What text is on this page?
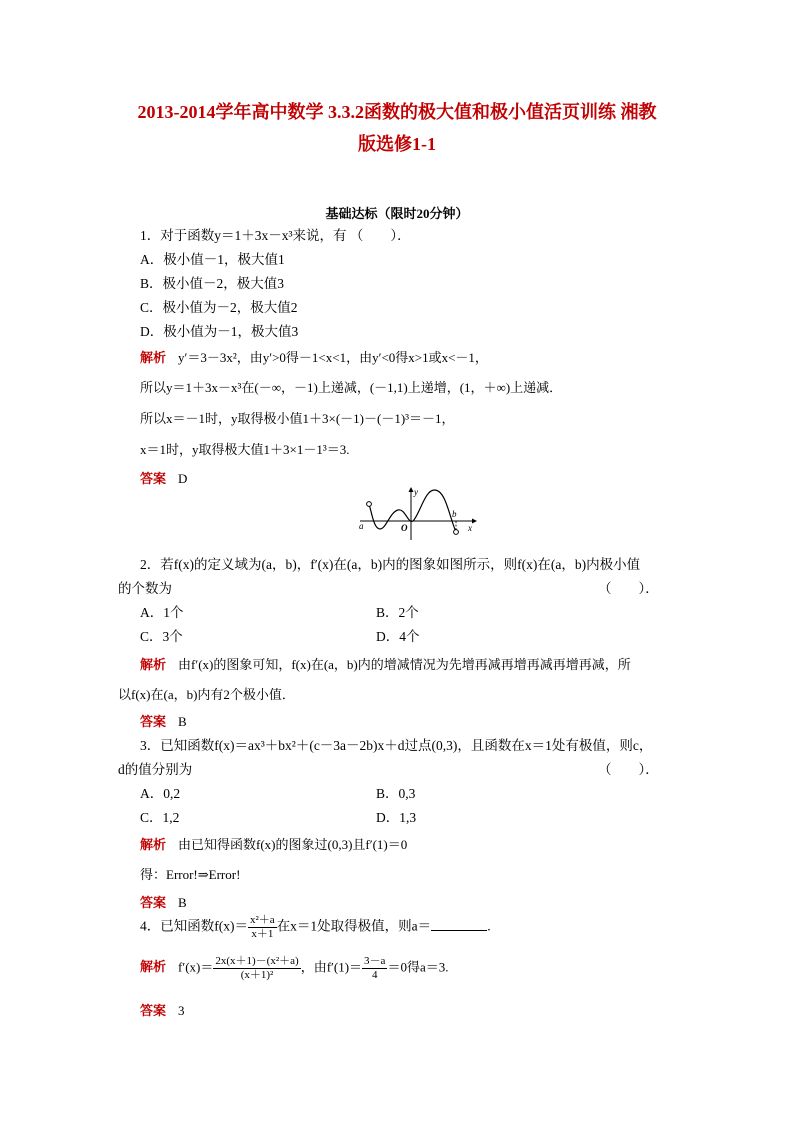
2013-2014学年高中数学 3.3.2函数的极大值和极小值活页训练 湘教
版选修1-1
基础达标（限时20分钟）
1．对于函数y＝1＋3x－x³来说，有 （　　）．
A．极小值－1，极大值1
B．极小值－2，极大值3
C．极小值为－2，极大值2
D．极小值为－1，极大值3
解析 y′＝3－3x²，由y′>0得－1<x<1，由y′<0得x>1或x<－1，
所以y＝1＋3x－x³在(－∞，－1)上递减，(－1,1)上递增，(1，＋∞)上递减．
所以x＝－1时，y取得极小值1＋3×(－1)－(－1)³＝－1，
x＝1时，y取得极大值1＋3×1－1³＝3.
答案 D
a
b
O	x
y
2．若f(x)的定义域为(a，b)，f′(x)在(a，b)内的图象如图所示，则f(x)在(a，b)内极小值
的个数为	（　　）．
A．1个	B．2个
C．3个	D．4个
解析 由f′(x)的图象可知，f(x)在(a，b)内的增减情况为先增再减再增再减再增再减，所
以f(x)在(a，b)内有2个极小值．
答案 B
3．已知函数f(x)＝ax³＋bx²＋(c－3a－2b)x＋d过点(0,3)，且函数在x＝1处有极值，则c，
d的值分别为	（　　）．
A．0,2	B．0,3
C．1,2	D．1,3
解析 由已知得函数f(x)的图象过(0,3)且f′(1)＝0
得：Error!⇒Error!
答案 B
4．已知函数$f(x)= \frac{\text{x²＋a}}{x+1}$ 在x＝1处取得极值，则a＝	.
解析 $f'(x)= \frac{\text{2x(x＋1)－(x²＋a)}}{\text{(x＋1)²}}$ ，由$f'(1)= \frac{3-a}{4} =0$得a＝3.
答案 3
